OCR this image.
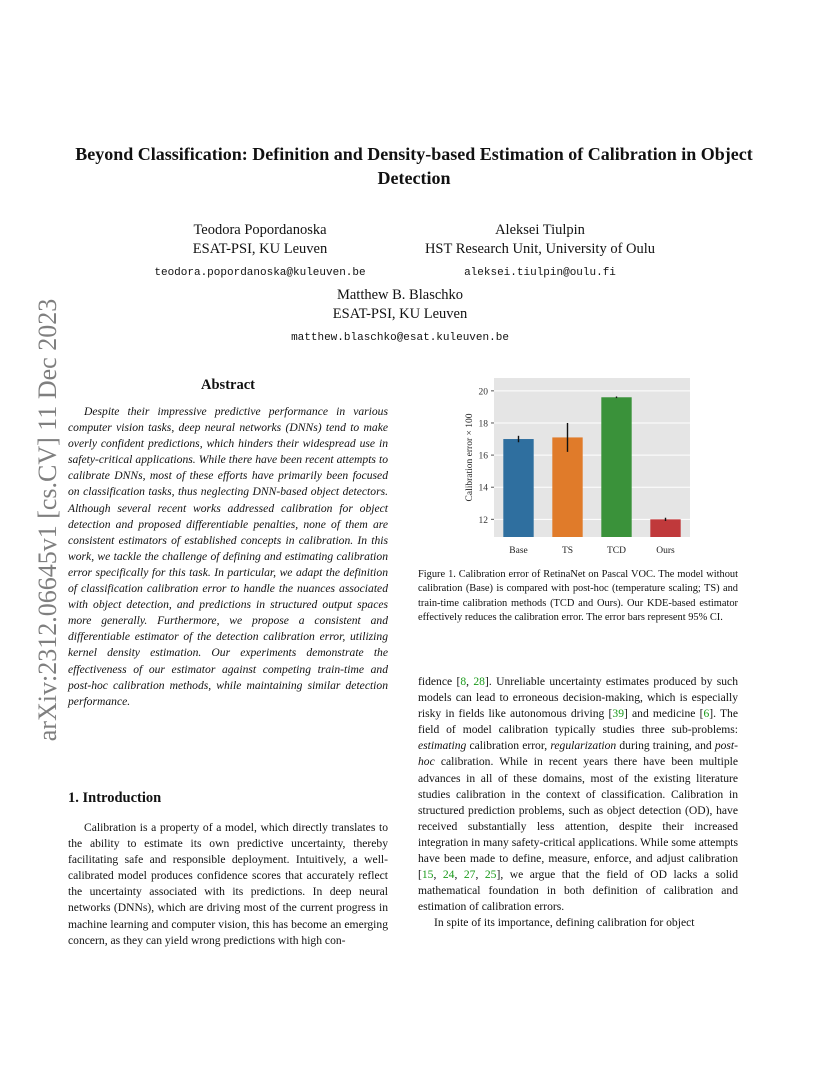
arXiv:2312.06645v1 [cs.CV] 11 Dec 2023
Beyond Classification: Definition and Density-based Estimation of Calibration in Object Detection
Teodora Popordanoska
ESAT-PSI, KU Leuven
teodora.popordanoska@kuleuven.be
Aleksei Tiulpin
HST Research Unit, University of Oulu
aleksei.tiulpin@oulu.fi
Matthew B. Blaschko
ESAT-PSI, KU Leuven
matthew.blaschko@esat.kuleuven.be
Abstract
Despite their impressive predictive performance in various computer vision tasks, deep neural networks (DNNs) tend to make overly confident predictions, which hinders their widespread use in safety-critical applications. While there have been recent attempts to calibrate DNNs, most of these efforts have primarily been focused on classification tasks, thus neglecting DNN-based object detectors. Although several recent works addressed calibration for object detection and proposed differentiable penalties, none of them are consistent estimators of established concepts in calibration. In this work, we tackle the challenge of defining and estimating calibration error specifically for this task. In particular, we adapt the definition of classification calibration error to handle the nuances associated with object detection, and predictions in structured output spaces more generally. Furthermore, we propose a consistent and differentiable estimator of the detection calibration error, utilizing kernel density estimation. Our experiments demonstrate the effectiveness of our estimator against competing train-time and post-hoc calibration methods, while maintaining similar detection performance.
1. Introduction
Calibration is a property of a model, which directly translates to the ability to estimate its own predictive uncertainty, thereby facilitating safe and responsible deployment. Intuitively, a well-calibrated model produces confidence scores that accurately reflect the uncertainty associated with its predictions. In deep neural networks (DNNs), which are driving most of the current progress in machine learning and computer vision, this has become an emerging concern, as they can yield wrong predictions with high con-
12
14
16
18
20
Base	TS	TCD	Ours
Calibration error × 100
Figure 1. Calibration error of RetinaNet on Pascal VOC. The model without calibration (Base) is compared with post-hoc (temperature scaling; TS) and train-time calibration methods (TCD and Ours). Our KDE-based estimator effectively reduces the calibration error. The error bars represent 95% CI.

fidence [8, 28]. Unreliable uncertainty estimates produced by such models can lead to erroneous decision-making, which is especially risky in fields like autonomous driving [39] and medicine [6]. The field of model calibration typically studies three sub-problems: estimating calibration error, regularization during training, and post-hoc calibration. While in recent years there have been multiple advances in all of these domains, most of the existing literature studies calibration in the context of classification. Calibration in structured prediction problems, such as object detection (OD), have received substantially less attention, despite their increased integration in many safety-critical applications. While some attempts have been made to define, measure, enforce, and adjust calibration [15, 24, 27, 25], we argue that the field of OD lacks a solid mathematical foundation in both definition of calibration and estimation of calibration errors.

In spite of its importance, defining calibration for object
